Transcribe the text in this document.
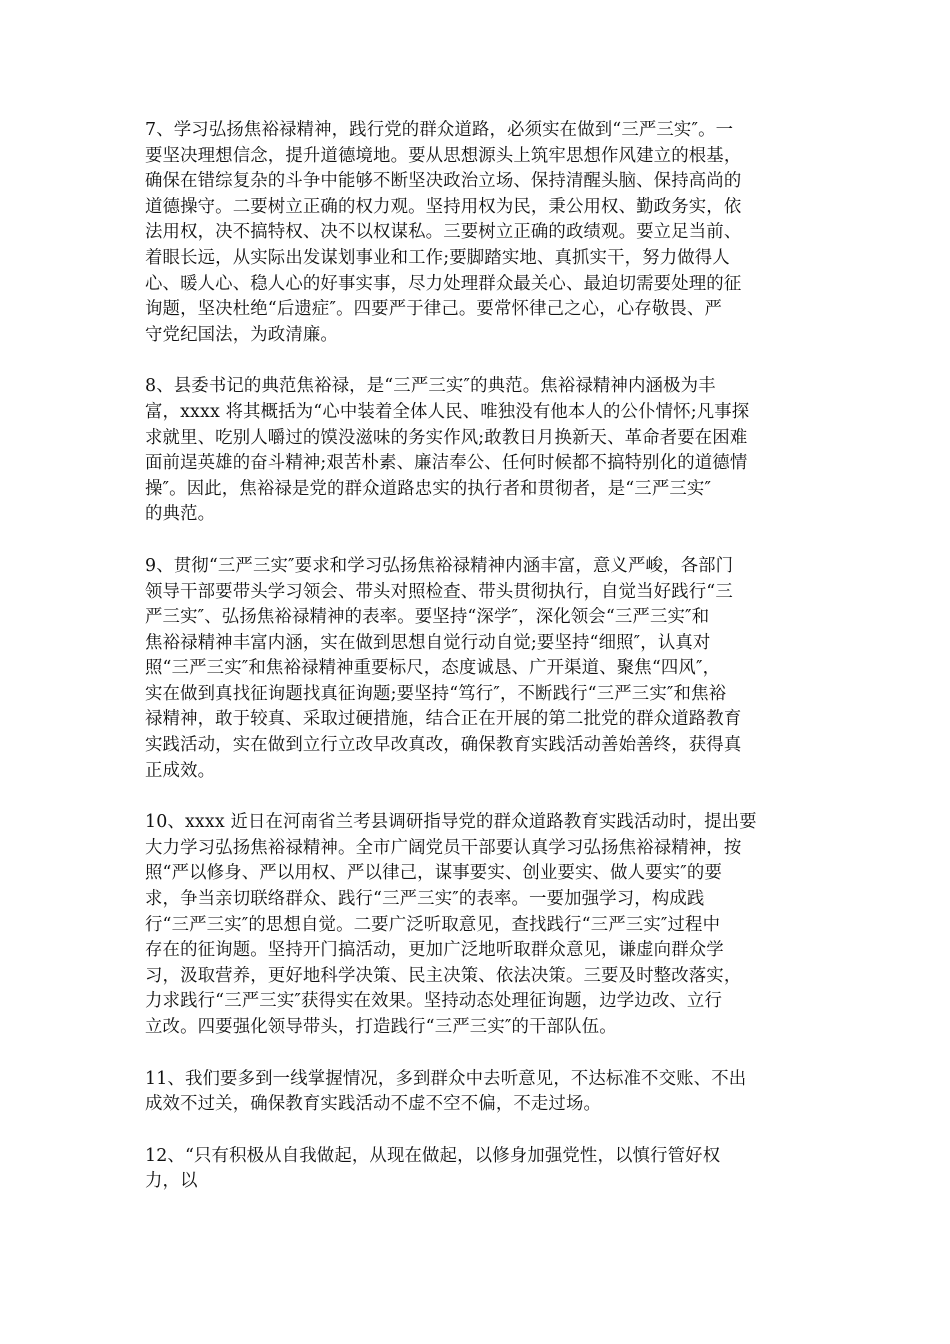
7、学习弘扬焦裕禄精神，践行党的群众道路，必须实在做到“三严三实″。一
要坚决理想信念，提升道德境地。要从思想源头上筑牢思想作风建立的根基，
确保在错综复杂的斗争中能够不断坚决政治立场、保持清醒头脑、保持高尚的
道德操守。二要树立正确的权力观。坚持用权为民，秉公用权、勤政务实，依
法用权，决不搞特权、决不以权谋私。三要树立正确的政绩观。要立足当前、
着眼长远，从实际出发谋划事业和工作;要脚踏实地、真抓实干，努力做得人
心、暖人心、稳人心的好事实事，尽力处理群众最关心、最迫切需要处理的征
询题，坚决杜绝“后遗症″。四要严于律己。要常怀律己之心，心存敬畏、严
守党纪国法，为政清廉。

8、县委书记的典范焦裕禄，是“三严三实″的典范。焦裕禄精神内涵极为丰
富，xxxx 将其概括为“心中装着全体人民、唯独没有他本人的公仆情怀;凡事探
求就里、吃别人嚼过的馍没滋味的务实作风;敢教日月换新天、革命者要在困难
面前逞英雄的奋斗精神;艰苦朴素、廉洁奉公、任何时候都不搞特别化的道德情
操″。因此，焦裕禄是党的群众道路忠实的执行者和贯彻者，是“三严三实″
的典范。

9、贯彻“三严三实″要求和学习弘扬焦裕禄精神内涵丰富，意义严峻，各部门
领导干部要带头学习领会、带头对照检查、带头贯彻执行，自觉当好践行“三
严三实″、弘扬焦裕禄精神的表率。要坚持“深学″，深化领会“三严三实″和
焦裕禄精神丰富内涵，实在做到思想自觉行动自觉;要坚持“细照″，认真对
照“三严三实″和焦裕禄精神重要标尺，态度诚恳、广开渠道、聚焦“四风″，
实在做到真找征询题找真征询题;要坚持“笃行″，不断践行“三严三实″和焦裕
禄精神，敢于较真、采取过硬措施，结合正在开展的第二批党的群众道路教育
实践活动，实在做到立行立改早改真改，确保教育实践活动善始善终，获得真
正成效。

10、xxxx 近日在河南省兰考县调研指导党的群众道路教育实践活动时，提出要
大力学习弘扬焦裕禄精神。全市广阔党员干部要认真学习弘扬焦裕禄精神，按
照“严以修身、严以用权、严以律己，谋事要实、创业要实、做人要实″的要
求，争当亲切联络群众、践行“三严三实″的表率。一要加强学习，构成践
行“三严三实″的思想自觉。二要广泛听取意见，查找践行“三严三实″过程中
存在的征询题。坚持开门搞活动，更加广泛地听取群众意见，谦虚向群众学
习，汲取营养，更好地科学决策、民主决策、依法决策。三要及时整改落实，
力求践行“三严三实″获得实在效果。坚持动态处理征询题，边学边改、立行
立改。四要强化领导带头，打造践行“三严三实″的干部队伍。

11、我们要多到一线掌握情况，多到群众中去听意见，不达标准不交账、不出
成效不过关，确保教育实践活动不虚不空不偏，不走过场。

12、“只有积极从自我做起，从现在做起，以修身加强党性，以慎行管好权
力，以
